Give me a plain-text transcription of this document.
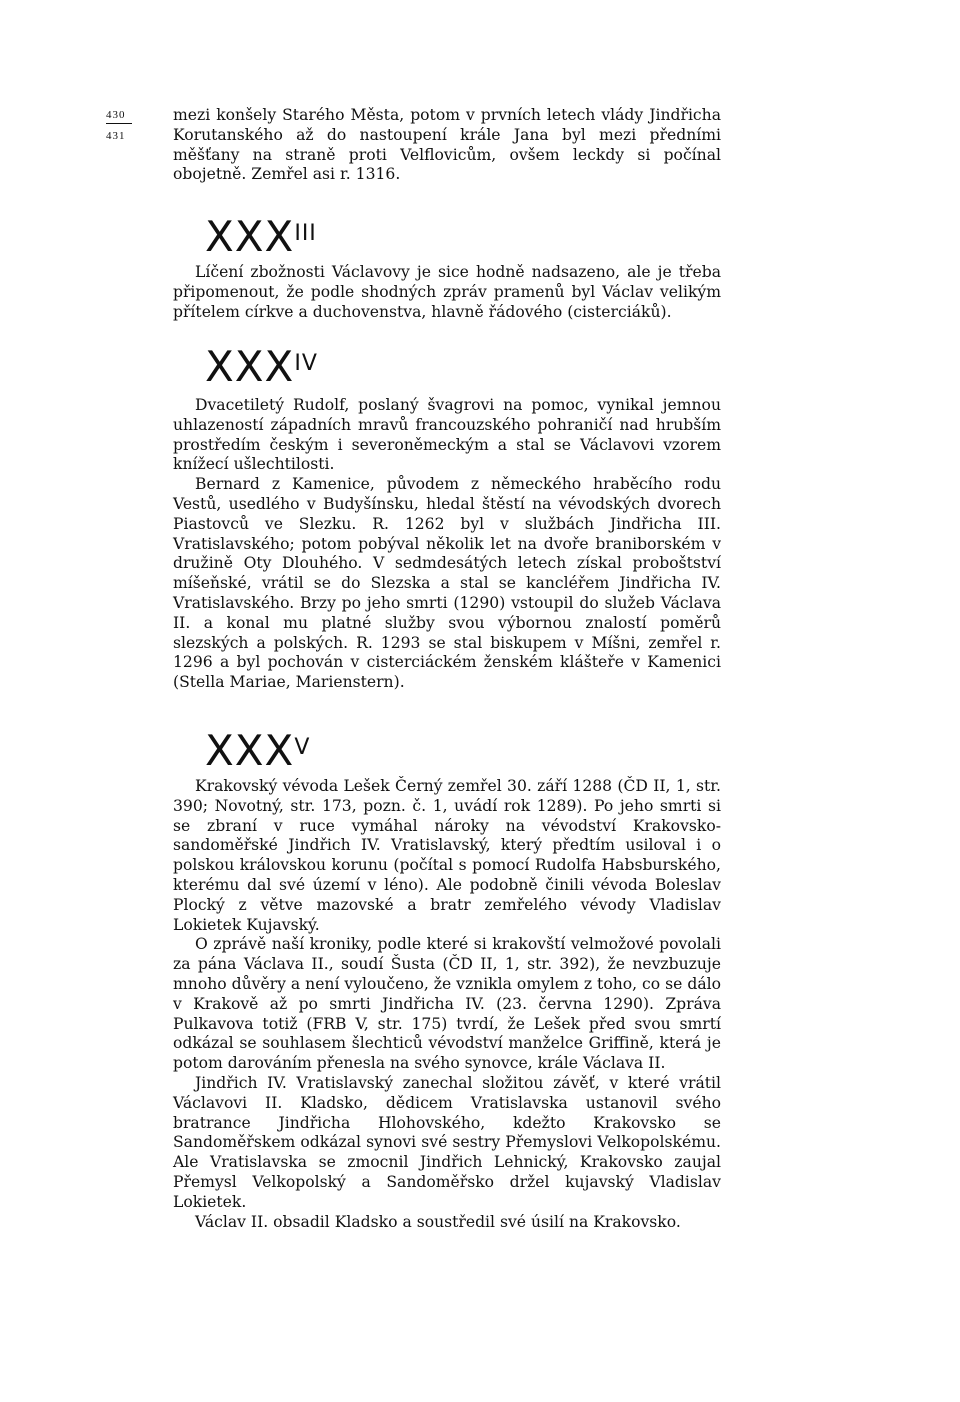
430
431

mezi konšely Starého Města, potom v prvních letech vlády Jindřicha Korutanského až do nastoupení krále Jana byl mezi předními měšťany na straně proti Velflovicům, ovšem leckdy si počínal obojetně. Zemřel asi r. 1316.

$XXX^{III}$

Líčení zbožnosti Václavovy je sice hodně nadsazeno, ale je třeba připomenout, že podle shodných zpráv pramenů byl Václav velikým přítelem církve a duchovenstva, hlavně řádového (cisterciáků).

$XXX^{IV}$

Dvacetiletý Rudolf, poslaný švagrovi na pomoc, vynikal jemnou uhlazeností západních mravů francouzského pohraničí nad hrubším prostředím českým i severoněmeckým a stal se Václavovi vzorem knížecí ušlechtilosti.

Bernard z Kamenice, původem z německého hraběcího rodu Vestů, usedlého v Budyšínsku, hledal štěstí na vévodských dvorech Piastovců ve Slezku. R. 1262 byl v službách Jindřicha III. Vratislavského; potom pobýval několik let na dvoře braniborském v družině Oty Dlouhého. V sedmdesátých letech získal proboštství míšeňské, vrátil se do Slezska a stal se kancléřem Jindřicha IV. Vratislavského. Brzy po jeho smrti (1290) vstoupil do služeb Václava II. a konal mu platné služby svou výbornou znalostí poměrů slezských a polských. R. 1293 se stal biskupem v Míšni, zemřel r. 1296 a byl pochován v cisterciáckém ženském klášteře v Kamenici (Stella Mariae, Marienstern).

$XXX^V$

Krakovský vévoda Lešek Černý zemřel 30. září 1288 (ČD II, 1, str. 390; Novotný, str. 173, pozn. č. 1, uvádí rok 1289). Po jeho smrti si se zbraní v ruce vymáhal nároky na vévodství Krakovsko-sandoměřské Jindřich IV. Vratislavský, který předtím usiloval i o polskou královskou korunu (počítal s pomocí Rudolfa Habsburského, kterému dal své území v léno). Ale podobně činili vévoda Boleslav Plocký z větve mazovské a bratr zemřelého vévody Vladislav Lokietek Kujavský.

O zprávě naší kroniky, podle které si krakovští velmožové povolali za pána Václava II., soudí Šusta (ČD II, 1, str. 392), že nevzbuzuje mnoho důvěry a není vyloučeno, že vznikla omylem z toho, co se dálo v Krakově až po smrti Jindřicha IV. (23. června 1290). Zpráva Pulkavova totiž (FRB V, str. 175) tvrdí, že Lešek před svou smrtí odkázal se souhlasem šlechticů vévodství manželce Griffině, která je potom darováním přenesla na svého synovce, krále Václava II.

Jindřich IV. Vratislavský zanechal složitou závěť, v které vrátil Václavovi II. Kladsko, dědicem Vratislavska ustanovil svého bratrance Jindřicha Hlohovského, kdežto Krakovsko se Sandoměřskem odkázal synovi své sestry Přemyslovi Velkopolskému. Ale Vratislavska se zmocnil Jindřich Lehnický, Krakovsko zaujal Přemysl Velkopolský a Sandoměřsko držel kujavský Vladislav Lokietek.

Václav II. obsadil Kladsko a soustředil své úsilí na Krakovsko.
